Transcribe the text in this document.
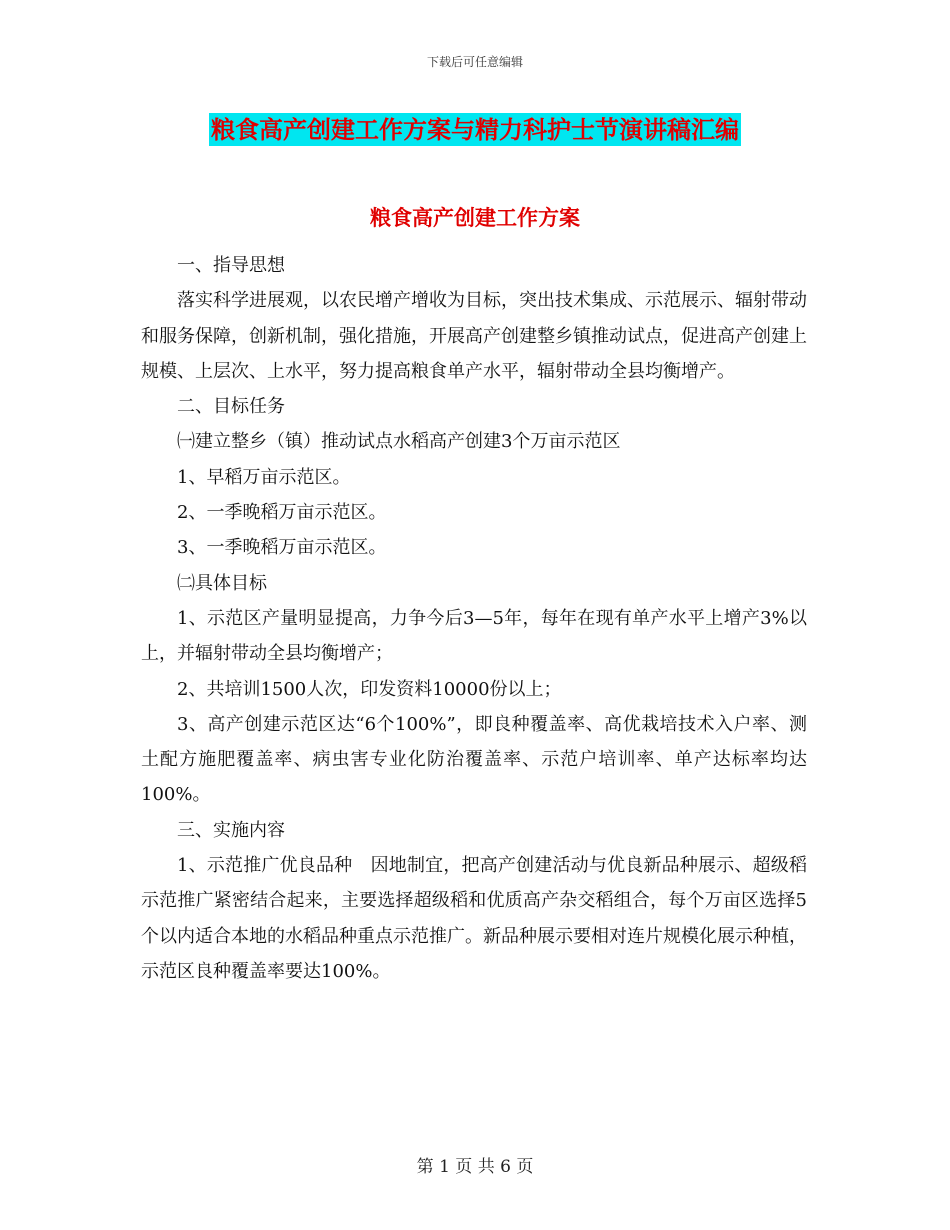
下载后可任意编辑
粮食高产创建工作方案与精力科护士节演讲稿汇编
粮食高产创建工作方案

一、指导思想

落实科学进展观，以农民增产增收为目标，突出技术集成、示范展示、辐射带动和服务保障，创新机制，强化措施，开展高产创建整乡镇推动试点，促进高产创建上规模、上层次、上水平，努力提高粮食单产水平，辐射带动全县均衡增产。

二、目标任务

㈠建立整乡（镇）推动试点水稻高产创建3个万亩示范区

1、早稻万亩示范区。

2、一季晚稻万亩示范区。

3、一季晚稻万亩示范区。

㈡具体目标

1、示范区产量明显提高，力争今后3—5年，每年在现有单产水平上增产3%以上，并辐射带动全县均衡增产；

2、共培训1500人次，印发资料10000份以上；

3、高产创建示范区达“6个100%”，即良种覆盖率、高优栽培技术入户率、测土配方施肥覆盖率、病虫害专业化防治覆盖率、示范户培训率、单产达标率均达100%。

三、实施内容

1、示范推广优良品种　因地制宜，把高产创建活动与优良新品种展示、超级稻示范推广紧密结合起来，主要选择超级稻和优质高产杂交稻组合，每个万亩区选择5个以内适合本地的水稻品种重点示范推广。新品种展示要相对连片规模化展示种植，示范区良种覆盖率要达100%。

第 1 页 共 6 页
